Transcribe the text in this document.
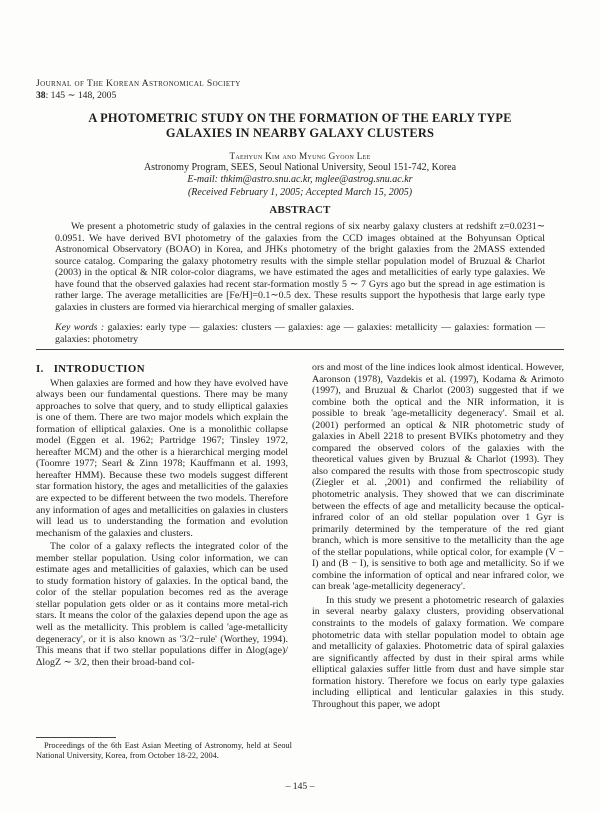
Journal of The Korean Astronomical Society
38: 145 ∼ 148, 2005
A PHOTOMETRIC STUDY ON THE FORMATION OF THE EARLY TYPE
GALAXIES IN NEARBY GALAXY CLUSTERS
Taehyun Kim and Myung Gyoon Lee
Astronomy Program, SEES, Seoul National University, Seoul 151-742, Korea
E-mail: thkim@astro.snu.ac.kr, mglee@astrog.snu.ac.kr
(Received February 1, 2005; Accepted March 15, 2005)
ABSTRACT

We present a photometric study of galaxies in the central regions of six nearby galaxy clusters at redshift z=0.0231∼ 0.0951. We have derived BVI photometry of the galaxies from the CCD images obtained at the Bohyunsan Optical Astronomical Observatory (BOAO) in Korea, and JHKs photometry of the bright galaxies from the 2MASS extended source catalog. Comparing the galaxy photometry results with the simple stellar population model of Bruzual & Charlot (2003) in the optical & NIR color-color diagrams, we have estimated the ages and metallicities of early type galaxies. We have found that the observed galaxies had recent star-formation mostly 5 ∼ 7 Gyrs ago but the spread in age estimation is rather large. The average metallicities are [Fe/H]=0.1∼0.5 dex. These results support the hypothesis that large early type galaxies in clusters are formed via hierarchical merging of smaller galaxies.

Key words : galaxies: early type — galaxies: clusters — galaxies: age — galaxies: metallicity — galaxies: formation — galaxies: photometry

I. INTRODUCTION

When galaxies are formed and how they have evolved have always been our fundamental questions. There may be many approaches to solve that query, and to study elliptical galaxies is one of them. There are two major models which explain the formation of elliptical galaxies. One is a monolithic collapse model (Eggen et al. 1962; Partridge 1967; Tinsley 1972, hereafter MCM) and the other is a hierarchical merging model (Toomre 1977; Searl & Zinn 1978; Kauffmann et al. 1993, hereafter HMM). Because these two models suggest different star formation history, the ages and metallicities of the galaxies are expected to be different between the two models. Therefore any information of ages and metallicities on galaxies in clusters will lead us to understanding the formation and evolution mechanism of the galaxies and clusters.

The color of a galaxy reflects the integrated color of the member stellar population. Using color information, we can estimate ages and metallicities of galaxies, which can be used to study formation history of galaxies. In the optical band, the color of the stellar population becomes red as the average stellar population gets older or as it contains more metal-rich stars. It means the color of the galaxies depend upon the age as well as the metallicity. This problem is called 'age-metallicity degeneracy', or it is also known as '3/2−rule' (Worthey, 1994). This means that if two stellar populations differ in Δlog(age)/ΔlogZ ∼ 3/2, then their broad-band col-

ors and most of the line indices look almost identical. However, Aaronson (1978), Vazdekis et al. (1997), Kodama & Arimoto (1997), and Bruzual & Charlot (2003) suggested that if we combine both the optical and the NIR information, it is possible to break 'age-metallicity degeneracy'. Smail et al. (2001) performed an optical & NIR photometric study of galaxies in Abell 2218 to present BVIKs photometry and they compared the observed colors of the galaxies with the theoretical values given by Bruzual & Charlot (1993). They also compared the results with those from spectroscopic study (Ziegler et al. ,2001) and confirmed the reliability of photometric analysis. They showed that we can discriminate between the effects of age and metallicity because the optical-infrared color of an old stellar population over 1 Gyr is primarily determined by the temperature of the red giant branch, which is more sensitive to the metallicity than the age of the stellar populations, while optical color, for example (V − I) and (B − I), is sensitive to both age and metallicity. So if we combine the information of optical and near infrared color, we can break 'age-metallicity degeneracy'.

In this study we present a photometric research of galaxies in several nearby galaxy clusters, providing observational constraints to the models of galaxy formation. We compare photometric data with stellar population model to obtain age and metallicity of galaxies. Photometric data of spiral galaxies are significantly affected by dust in their spiral arms while elliptical galaxies suffer little from dust and have simple star formation history. Therefore we focus on early type galaxies including elliptical and lenticular galaxies in this study. Throughout this paper, we adopt

Proceedings of the 6th East Asian Meeting of Astronomy, held at Seoul National University, Korea, from October 18-22, 2004.
– 145 –
